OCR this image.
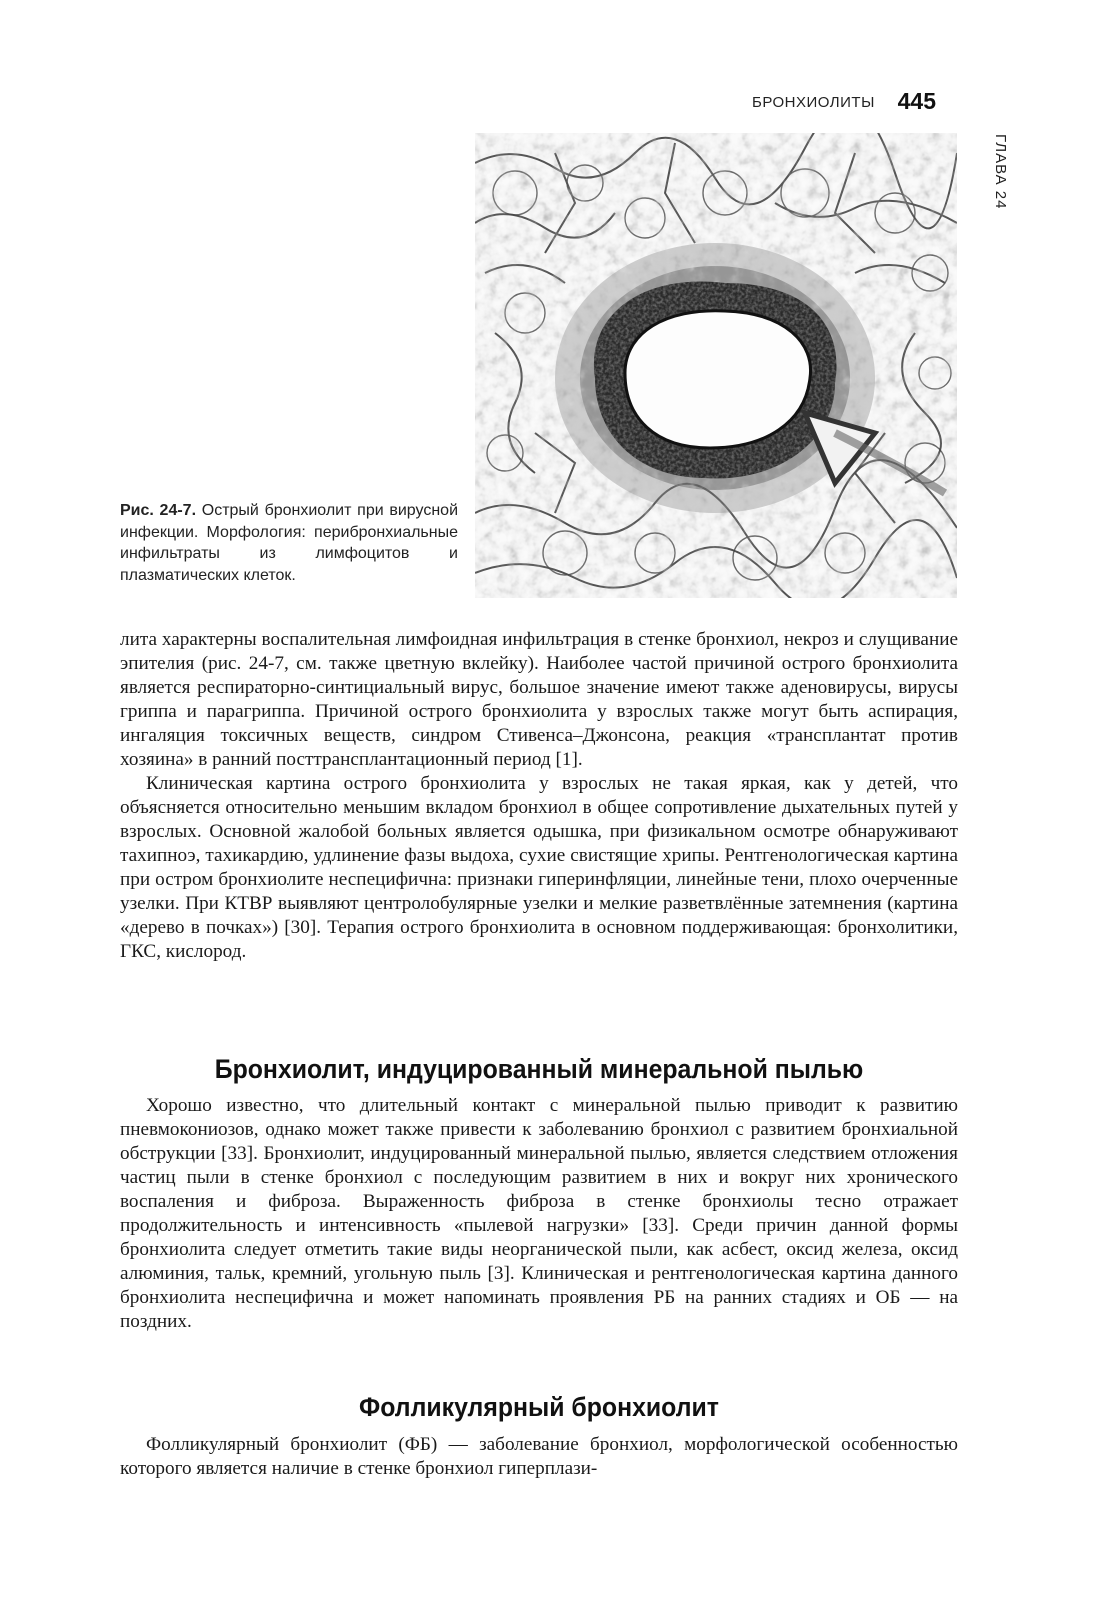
БРОНХИОЛИТЫ 445
ГЛАВА 24
Рис. 24-7. Острый бронхиолит при вирусной инфекции. Морфология: перибронхиальные инфильтраты из лимфоцитов и плазматических клеток.

лита характерны воспалительная лимфоидная инфильтрация в стенке бронхиол, некроз и слущивание эпителия (рис. 24-7, см. также цветную вклейку). Наиболее частой причиной острого бронхиолита является респираторно-синтициальный вирус, большое значение имеют также аденовирусы, вирусы гриппа и парагриппа. Причиной острого бронхиолита у взрослых также могут быть аспирация, ингаляция токсичных веществ, синдром Стивенса–Джонсона, реакция «трансплантат против хозяина» в ранний посттрансплантационный период [1].

Клиническая картина острого бронхиолита у взрослых не такая яркая, как у детей, что объясняется относительно меньшим вкладом бронхиол в общее сопротивление дыхательных путей у взрослых. Основной жалобой больных является одышка, при физикальном осмотре обнаруживают тахипноэ, тахикардию, удлинение фазы выдоха, сухие свистящие хрипы. Рентгенологическая картина при остром бронхиолите неспецифична: признаки гиперинфляции, линейные тени, плохо очерченные узелки. При КТВР выявляют центролобулярные узелки и мелкие разветвлённые затемнения (картина «дерево в почках») [30]. Терапия острого бронхиолита в основном поддерживающая: бронхолитики, ГКС, кислород.

Бронхиолит, индуцированный минеральной пылью

Хорошо известно, что длительный контакт с минеральной пылью приводит к развитию пневмокониозов, однако может также привести к заболеванию бронхиол с развитием бронхиальной обструкции [33]. Бронхиолит, индуцированный минеральной пылью, является следствием отложения частиц пыли в стенке бронхиол с последующим развитием в них и вокруг них хронического воспаления и фиброза. Выраженность фиброза в стенке бронхиолы тесно отражает продолжительность и интенсивность «пылевой нагрузки» [33]. Среди причин данной формы бронхиолита следует отметить такие виды неорганической пыли, как асбест, оксид железа, оксид алюминия, тальк, кремний, угольную пыль [3]. Клиническая и рентгенологическая картина данного бронхиолита неспецифична и может напоминать проявления РБ на ранних стадиях и ОБ — на поздних.

Фолликулярный бронхиолит

Фолликулярный бронхиолит (ФБ) — заболевание бронхиол, морфологической особенностью которого является наличие в стенке бронхиол гиперплази-
